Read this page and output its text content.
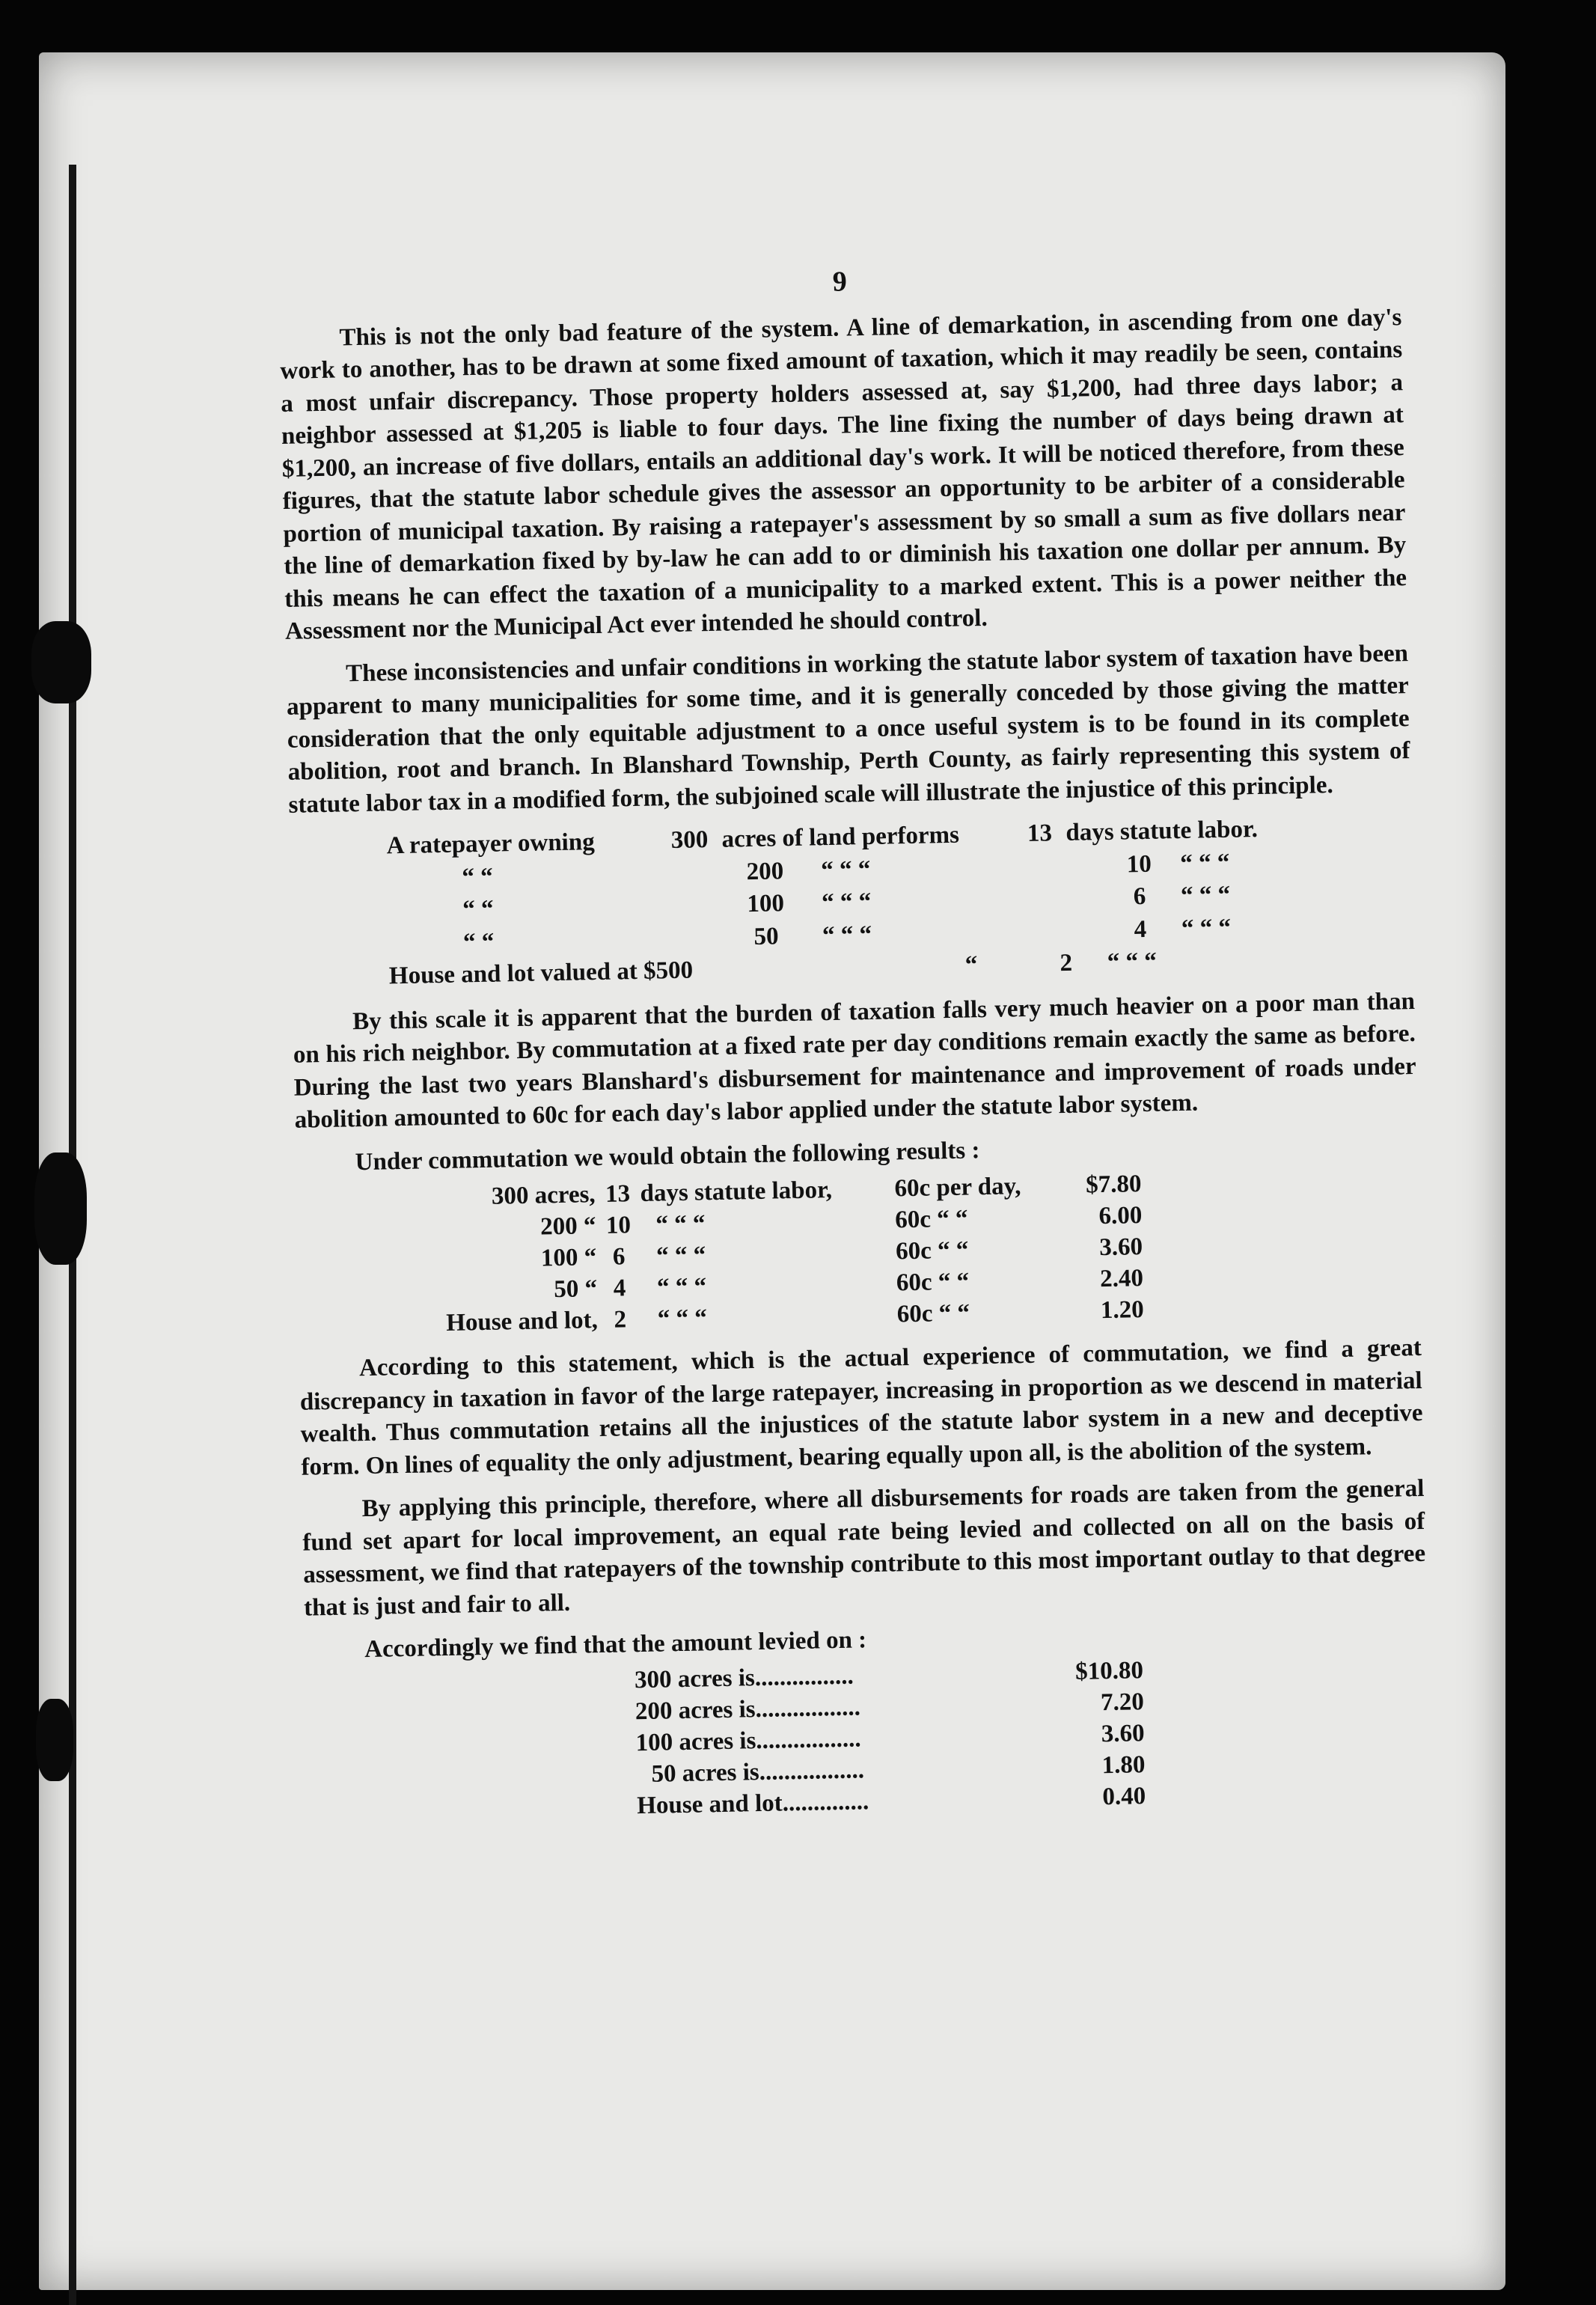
9

This is not the only bad feature of the system. A line of demarkation, in ascending from one day's work to another, has to be drawn at some fixed amount of taxation, which it may readily be seen, contains a most unfair discrepancy. Those property holders assessed at, say $1,200, had three days labor; a neighbor assessed at $1,205 is liable to four days. The line fixing the number of days being drawn at $1,200, an increase of five dollars, entails an additional day's work. It will be noticed therefore, from these figures, that the statute labor schedule gives the assessor an opportunity to be arbiter of a considerable portion of municipal taxation. By raising a ratepayer's assessment by so small a sum as five dollars near the line of demarkation fixed by by-law he can add to or diminish his taxation one dollar per annum. By this means he can effect the taxation of a municipality to a marked extent. This is a power neither the Assessment nor the Municipal Act ever intended he should control.

These inconsistencies and unfair conditions in working the statute labor system of taxation have been apparent to many municipalities for some time, and it is generally conceded by those giving the matter consideration that the only equitable adjustment to a once useful system is to be found in its complete abolition, root and branch. In Blanshard Township, Perth County, as fairly representing this system of statute labor tax in a modified form, the subjoined scale will illustrate the injustice of this principle.

A ratepayer owning	300 acres of land performs	13 days statute labor.
“ “	200	“ “ “	10	“ “ “
“ “	100	“ “ “	6	“ “ “
“ “	50	“ “ “	4	“ “ “
House and lot valued at $500	“	2	“ “ “

By this scale it is apparent that the burden of taxation falls very much heavier on a poor man than on his rich neighbor. By commutation at a fixed rate per day conditions remain exactly the same as before. During the last two years Blanshard's disbursement for maintenance and improvement of roads under abolition amounted to 60c for each day's labor applied under the statute labor system.

Under commutation we would obtain the following results :

300 acres, 13 days statute labor,	60c per day,	$7.80
200 “ 10 “ “ “	60c “ “	6.00
100 “ 6	“ “ “	60c “ “	3.60
50 “ 4	“ “ “	60c “ “	2.40
House and lot, 2	“ “ “	60c “ “	1.20

According to this statement, which is the actual experience of commutation, we find a great discrepancy in taxation in favor of the large ratepayer, increasing in proportion as we descend in material wealth. Thus commutation retains all the injustices of the statute labor system in a new and deceptive form. On lines of equality the only adjustment, bearing equally upon all, is the abolition of the system.

By applying this principle, therefore, where all disbursements for roads are taken from the general fund set apart for local improvement, an equal rate being levied and collected on all on the basis of assessment, we find that ratepayers of the township contribute to this most important outlay to that degree that is just and fair to all.

Accordingly we find that the amount levied on :

300 acres is................	$10.80
200 acres is.................	7.20
100 acres is.................	3.60
50 acres is.................	1.80
House and lot..............	0.40
